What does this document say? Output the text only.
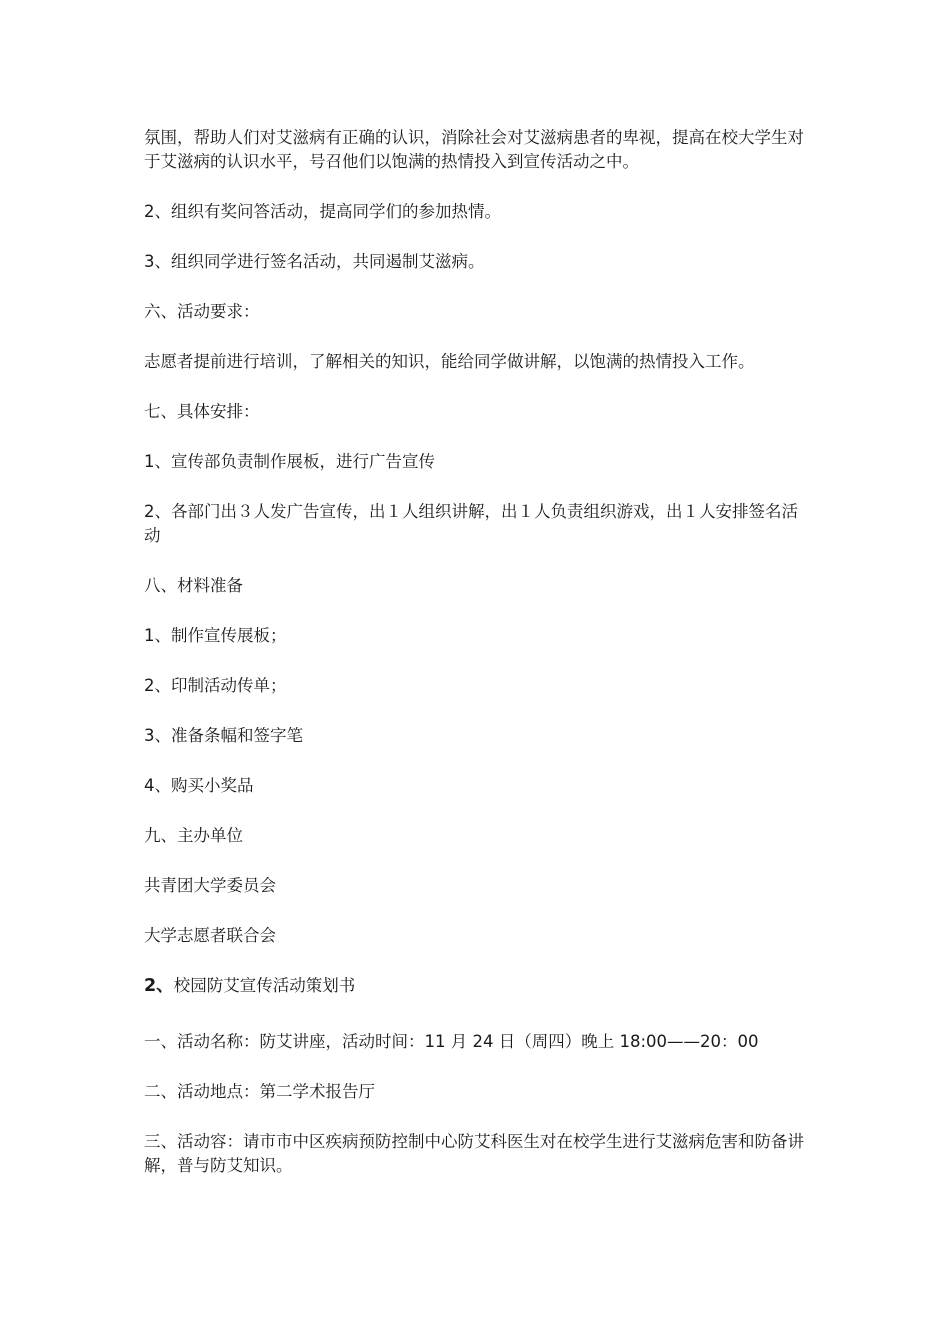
氛围，帮助人们对艾滋病有正确的认识，消除社会对艾滋病患者的卑视，提高在校大学生对于艾滋病的认识水平，号召他们以饱满的热情投入到宣传活动之中。

2、组织有奖问答活动，提高同学们的参加热情。

3、组织同学进行签名活动，共同遏制艾滋病。

六、活动要求：

志愿者提前进行培训，了解相关的知识，能给同学做讲解，以饱满的热情投入工作。

七、具体安排：

1、宣传部负责制作展板，进行广告宣传

2、各部门出３人发广告宣传，出１人组织讲解，出１人负责组织游戏，出１人安排签名活动

八、材料准备

1、制作宣传展板；

2、印制活动传单；

3、准备条幅和签字笔

4、购买小奖品

九、主办单位

共青团大学委员会

大学志愿者联合会

2、校园防艾宣传活动策划书

一、活动名称：防艾讲座，活动时间：11 月 24 日（周四）晚上 18:00——20：00

二、活动地点：第二学术报告厅

三、活动容：请市市中区疾病预防控制中心防艾科医生对在校学生进行艾滋病危害和防备讲解，普与防艾知识。
